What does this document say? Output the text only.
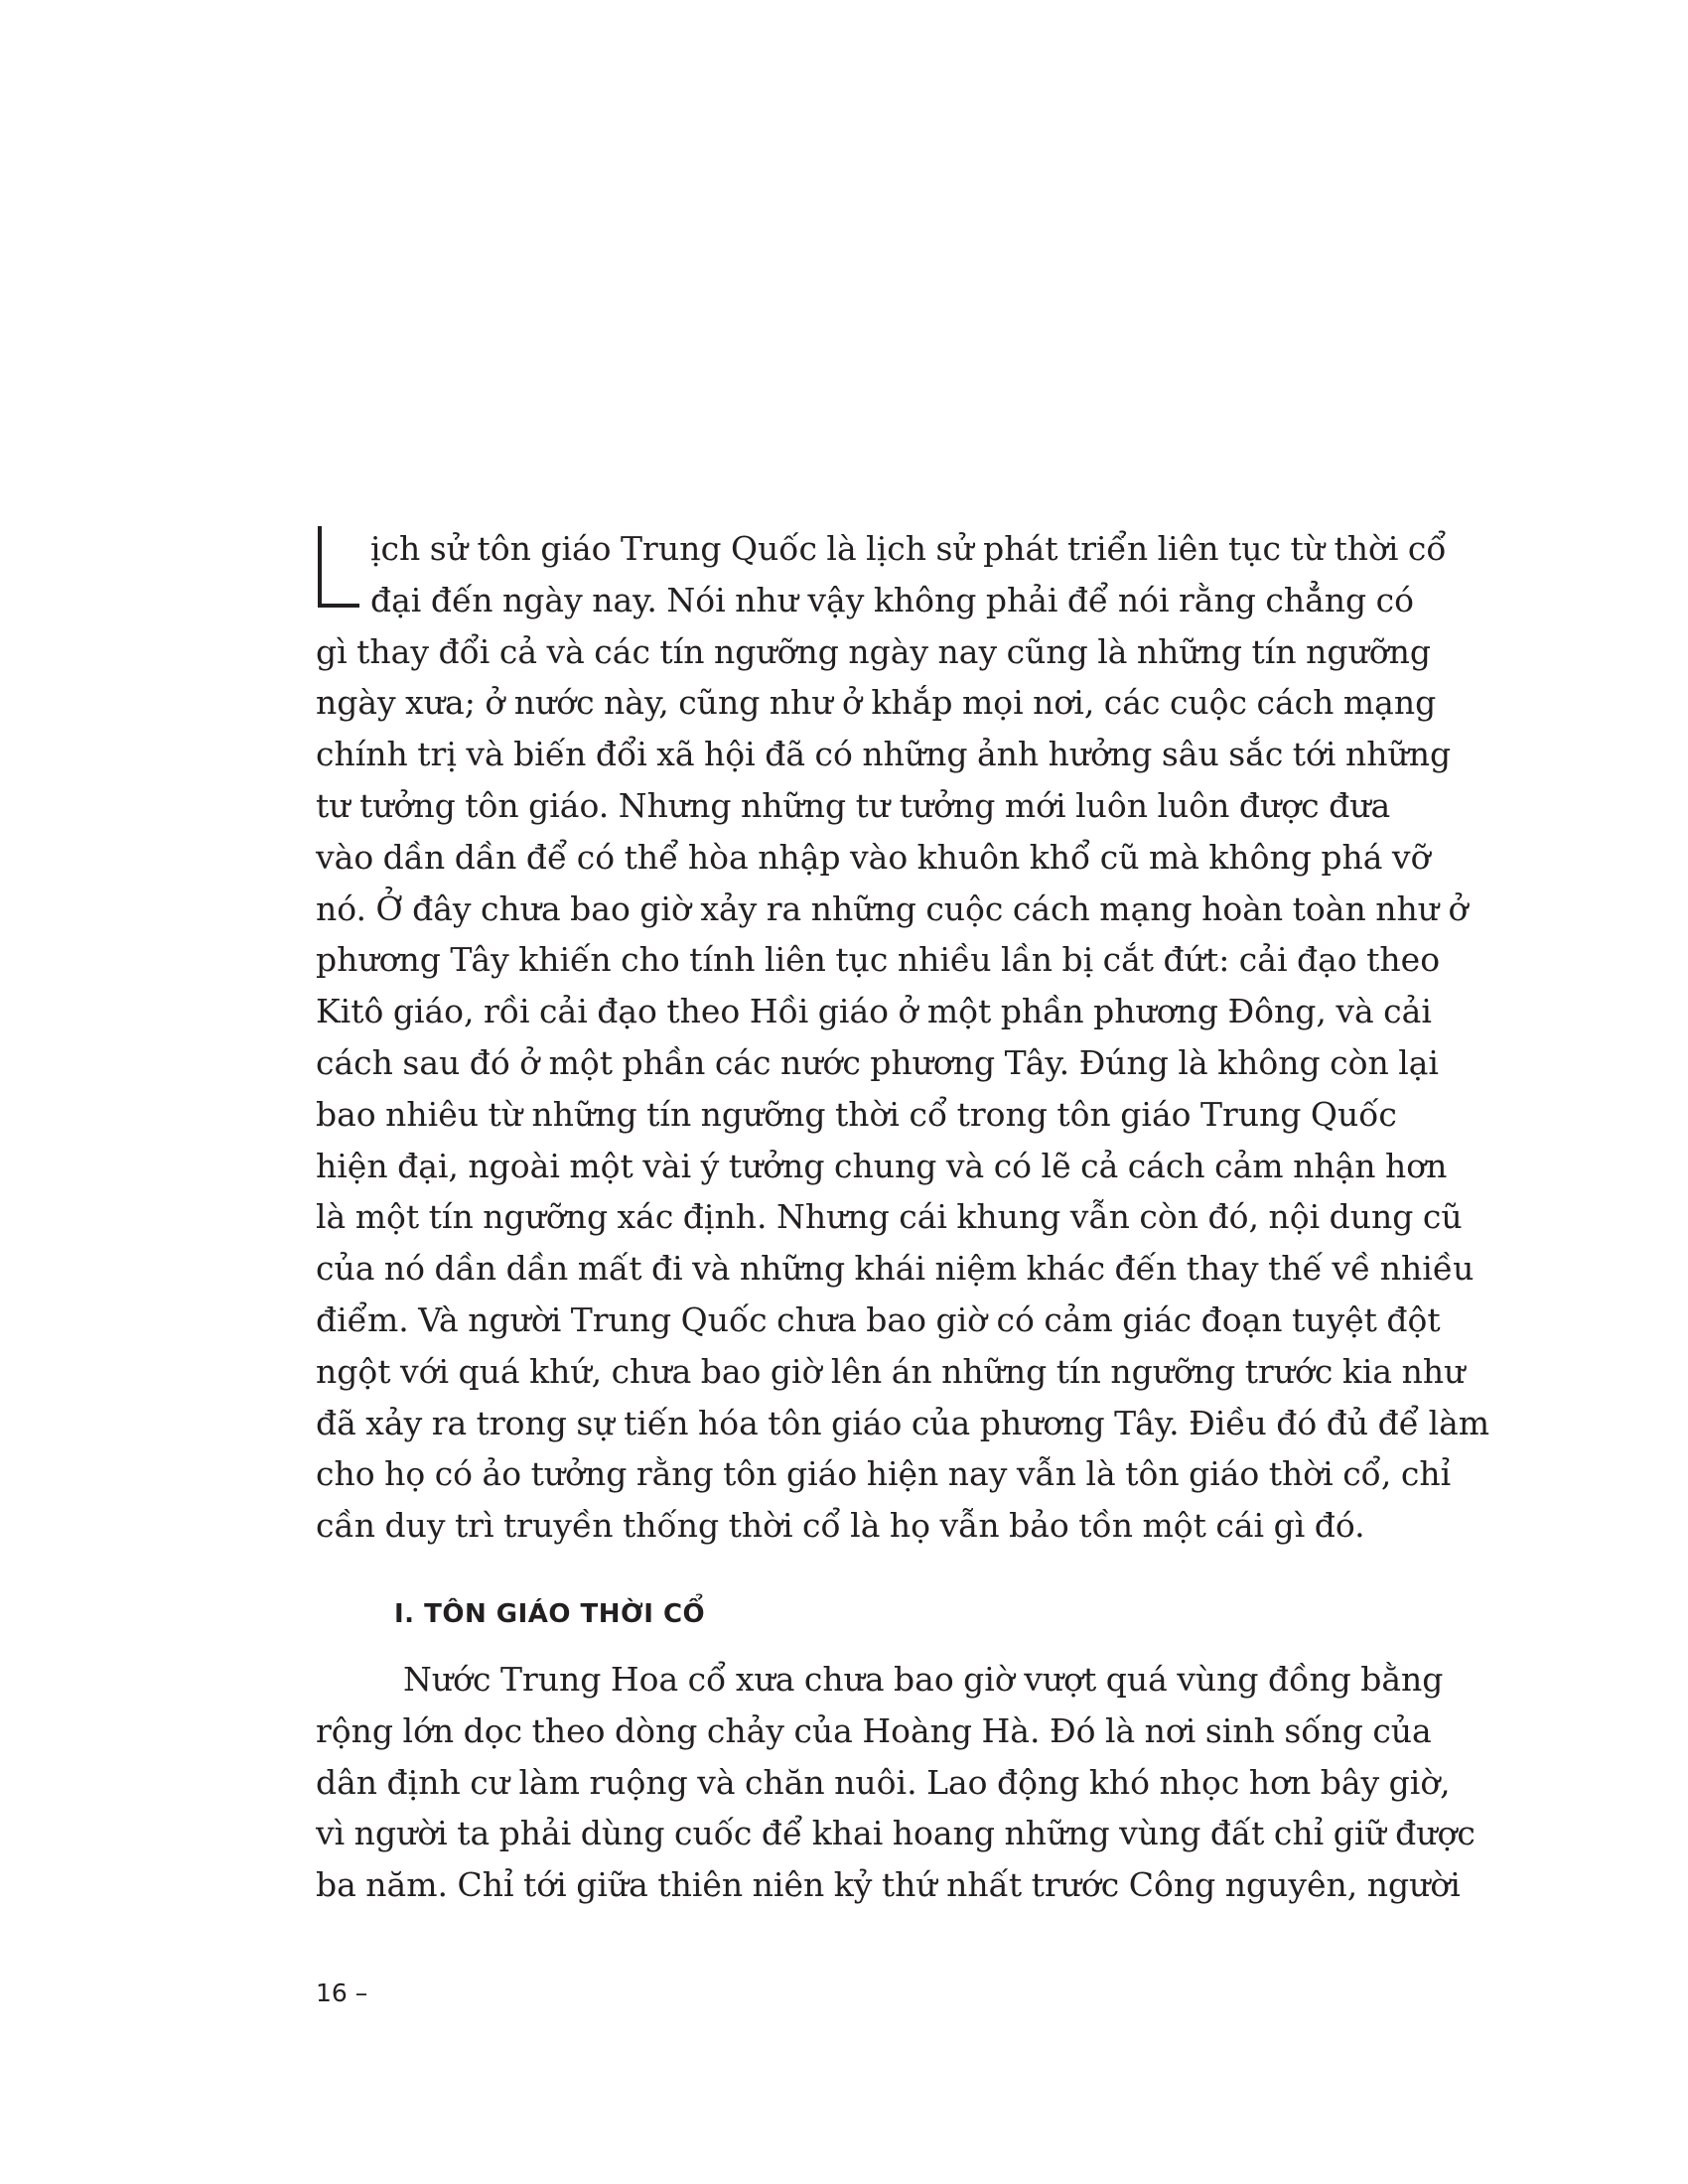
ịch sử tôn giáo Trung Quốc là lịch sử phát triển liên tục từ thời cổ
đại đến ngày nay. Nói như vậy không phải để nói rằng chẳng có
gì thay đổi cả và các tín ngưỡng ngày nay cũng là những tín ngưỡng
ngày xưa; ở nước này, cũng như ở khắp mọi nơi, các cuộc cách mạng
chính trị và biến đổi xã hội đã có những ảnh hưởng sâu sắc tới những
tư tưởng tôn giáo. Nhưng những tư tưởng mới luôn luôn được đưa
vào dần dần để có thể hòa nhập vào khuôn khổ cũ mà không phá vỡ
nó. Ở đây chưa bao giờ xảy ra những cuộc cách mạng hoàn toàn như ở
phương Tây khiến cho tính liên tục nhiều lần bị cắt đứt: cải đạo theo
Kitô giáo, rồi cải đạo theo Hồi giáo ở một phần phương Đông, và cải
cách sau đó ở một phần các nước phương Tây. Đúng là không còn lại
bao nhiêu từ những tín ngưỡng thời cổ trong tôn giáo Trung Quốc
hiện đại, ngoài một vài ý tưởng chung và có lẽ cả cách cảm nhận hơn
là một tín ngưỡng xác định. Nhưng cái khung vẫn còn đó, nội dung cũ
của nó dần dần mất đi và những khái niệm khác đến thay thế về nhiều
điểm. Và người Trung Quốc chưa bao giờ có cảm giác đoạn tuyệt đột
ngột với quá khứ, chưa bao giờ lên án những tín ngưỡng trước kia như
đã xảy ra trong sự tiến hóa tôn giáo của phương Tây. Điều đó đủ để làm
cho họ có ảo tưởng rằng tôn giáo hiện nay vẫn là tôn giáo thời cổ, chỉ
cần duy trì truyền thống thời cổ là họ vẫn bảo tồn một cái gì đó.
I. TÔN GIÁO THỜI CỔ
Nước Trung Hoa cổ xưa chưa bao giờ vượt quá vùng đồng bằng
rộng lớn dọc theo dòng chảy của Hoàng Hà. Đó là nơi sinh sống của
dân định cư làm ruộng và chăn nuôi. Lao động khó nhọc hơn bây giờ,
vì người ta phải dùng cuốc để khai hoang những vùng đất chỉ giữ được
ba năm. Chỉ tới giữa thiên niên kỷ thứ nhất trước Công nguyên, người
16 –
